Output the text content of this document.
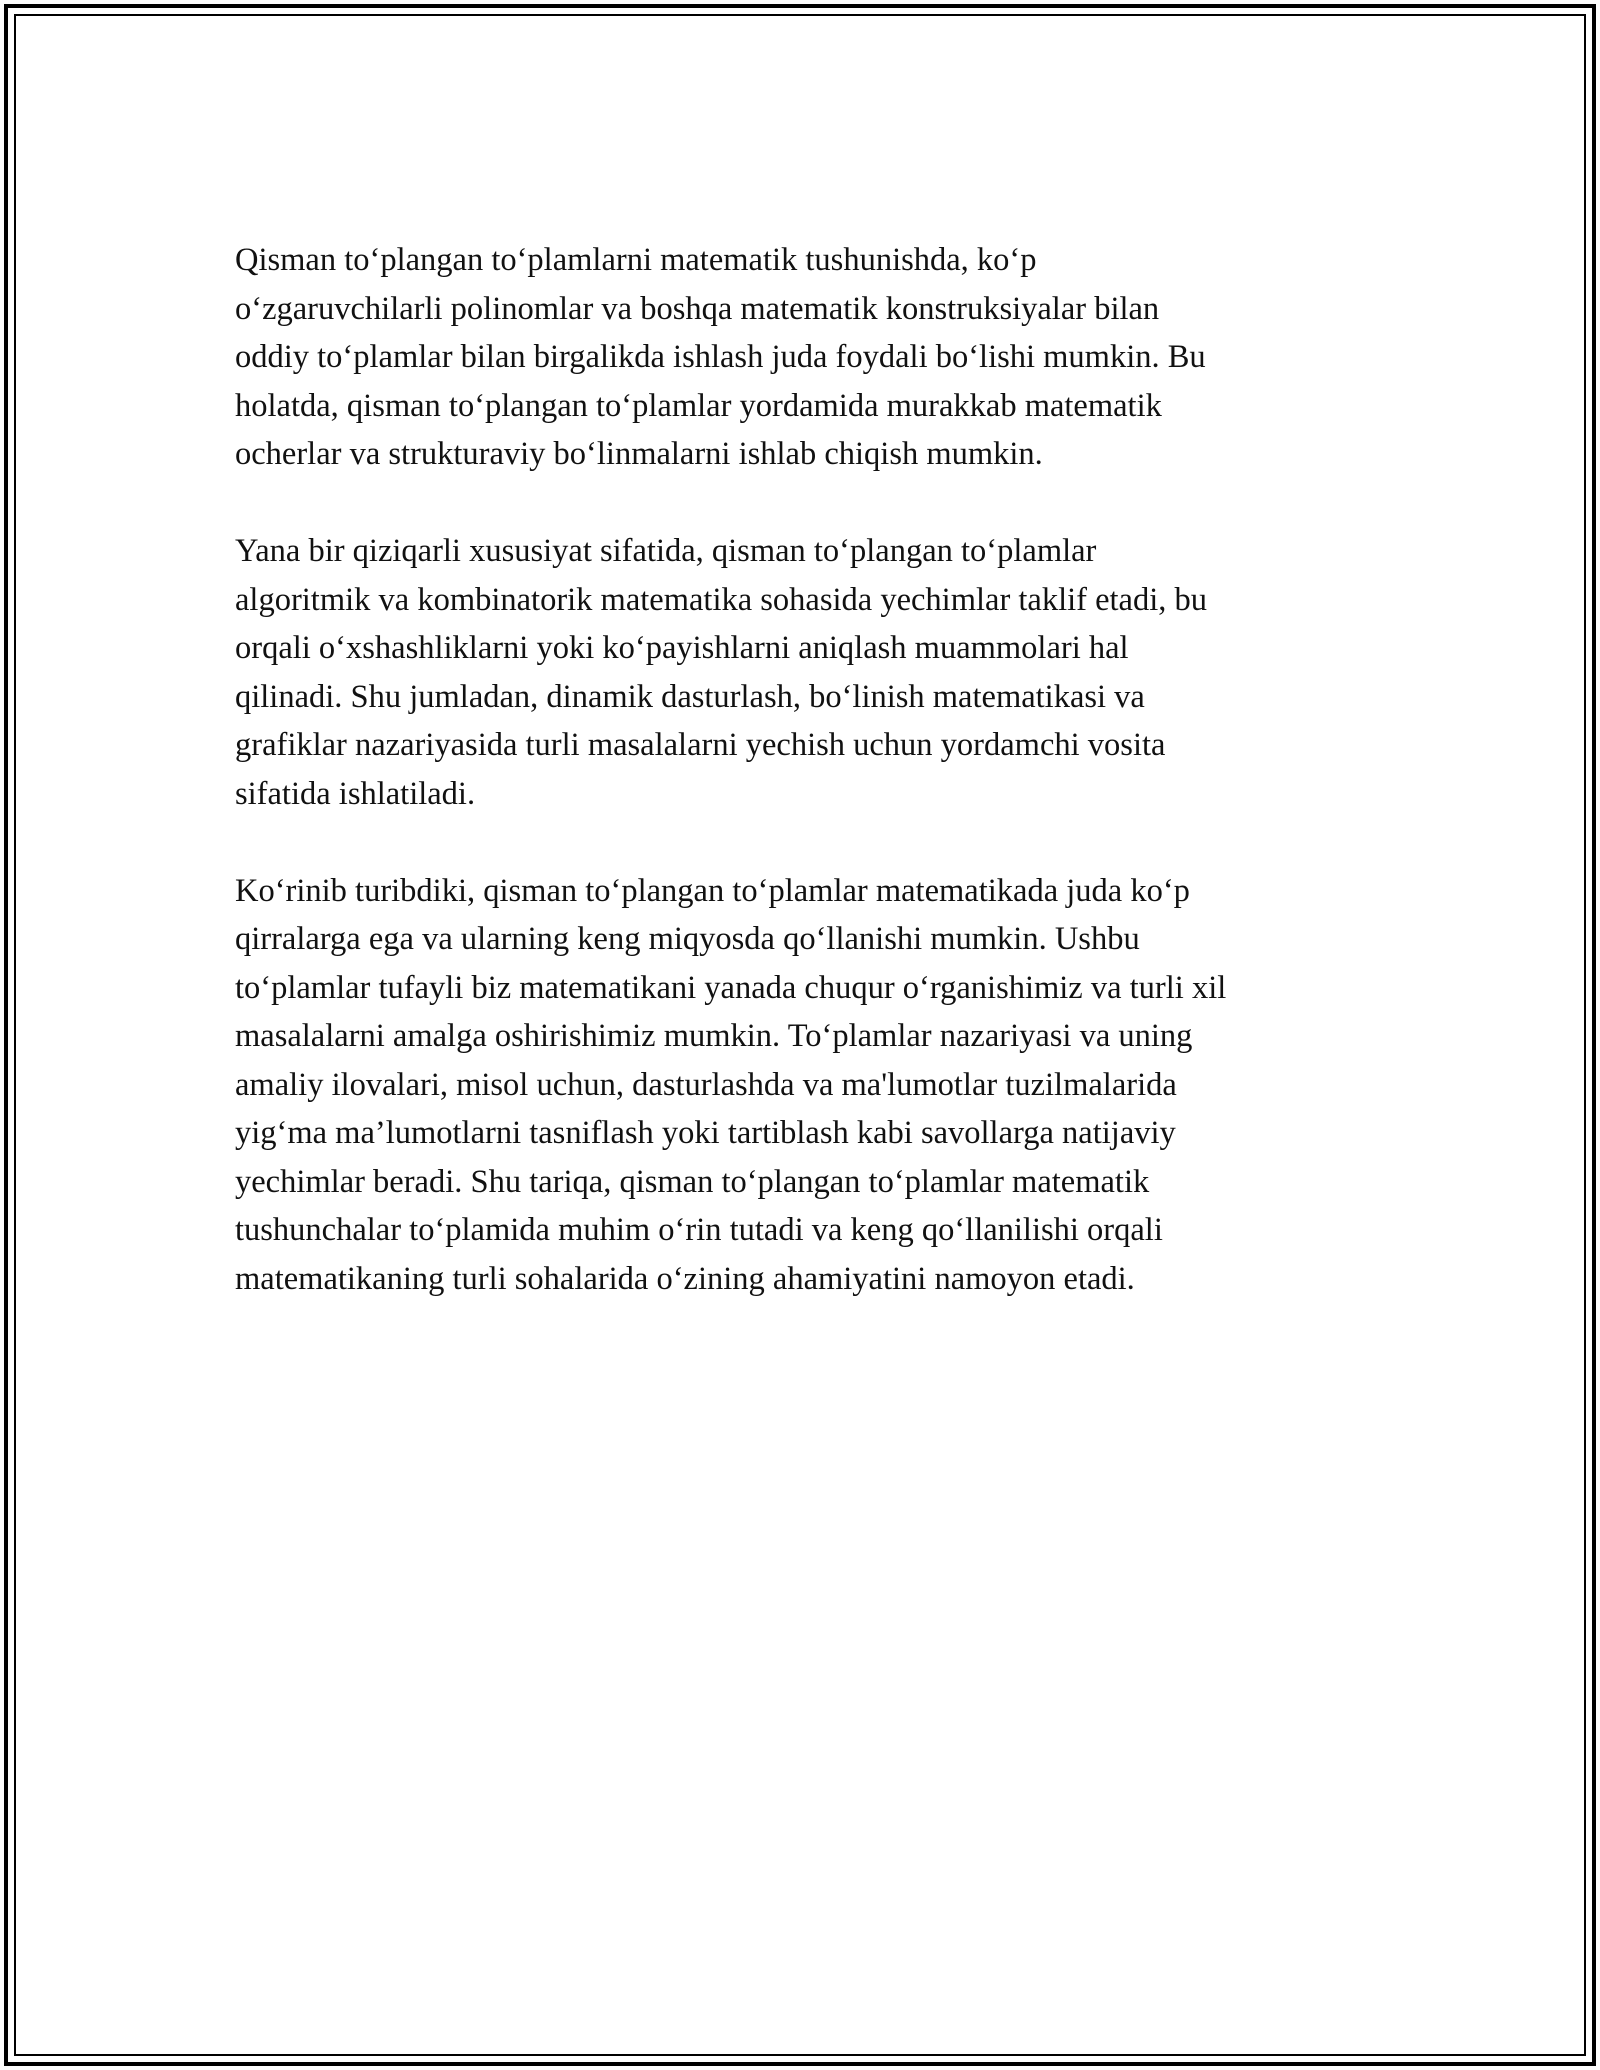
Qisman to‘plangan to‘plamlarni matematik tushunishda, ko‘p
o‘zgaruvchilarli polinomlar va boshqa matematik konstruksiyalar bilan
oddiy to‘plamlar bilan birgalikda ishlash juda foydali bo‘lishi mumkin. Bu
holatda, qisman to‘plangan to‘plamlar yordamida murakkab matematik
ocherlar va strukturaviy bo‘linmalarni ishlab chiqish mumkin.

Yana bir qiziqarli xususiyat sifatida, qisman to‘plangan to‘plamlar
algoritmik va kombinatorik matematika sohasida yechimlar taklif etadi, bu
orqali o‘xshashliklarni yoki ko‘payishlarni aniqlash muammolari hal
qilinadi. Shu jumladan, dinamik dasturlash, bo‘linish matematikasi va
grafiklar nazariyasida turli masalalarni yechish uchun yordamchi vosita
sifatida ishlatiladi.

Ko‘rinib turibdiki, qisman to‘plangan to‘plamlar matematikada juda ko‘p
qirralarga ega va ularning keng miqyosda qo‘llanishi mumkin. Ushbu
to‘plamlar tufayli biz matematikani yanada chuqur o‘rganishimiz va turli xil
masalalarni amalga oshirishimiz mumkin. To‘plamlar nazariyasi va uning
amaliy ilovalari, misol uchun, dasturlashda va ma'lumotlar tuzilmalarida
yig‘ma ma’lumotlarni tasniflash yoki tartiblash kabi savollarga natijaviy
yechimlar beradi. Shu tariqa, qisman to‘plangan to‘plamlar matematik
tushunchalar to‘plamida muhim o‘rin tutadi va keng qo‘llanilishi orqali
matematikaning turli sohalarida o‘zining ahamiyatini namoyon etadi.
